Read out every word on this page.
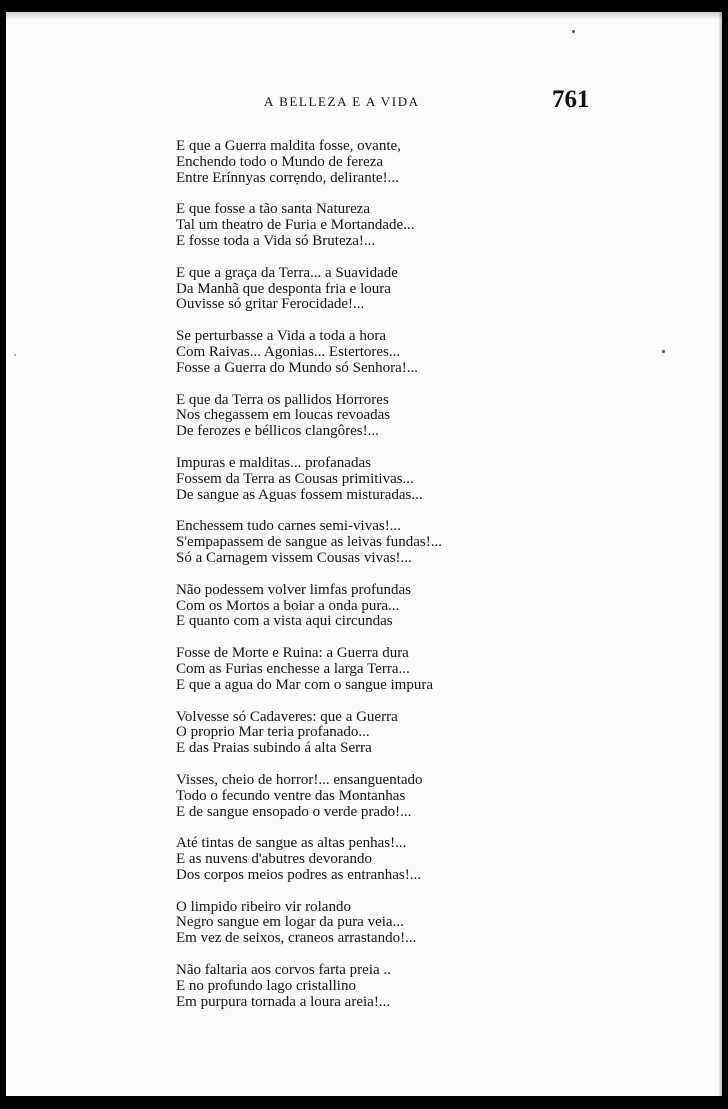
A BELLEZA E A VIDA	761
E que a Guerra maldita fosse, ovante,
Enchendo todo o Mundo de fereza
Entre Erínnyas corrẹndo, delirante!...
E que fosse a tão santa Natureza
Tal um theatro de Furia e Mortandade...
E fosse toda a Vida só Bruteza!...
E que a graça da Terra... a Suavidade
Da Manhã que desponta fria e loura
Ouvisse só gritar Ferocidade!...
Se perturbasse a Vida a toda a hora
Com Raivas... Agonias... Estertores...
Fosse a Guerra do Mundo só Senhora!...
E que da Terra os pallidos Horrores
Nos chegassem em loucas revoadas
De ferozes e béllicos clangôres!...
Impuras e malditas... profanadas
Fossem da Terra as Cousas primitivas...
De sangue as Aguas fossem misturadas...
Enchessem tudo carnes semi-vivas!...
S'empapassem de sangue as leivas fundas!...
Só a Carnagem vissem Cousas vivas!...
Não podessem volver limfas profundas
Com os Mortos a boiar a onda pura...
E quanto com a vista aqui circundas
Fosse de Morte e Ruina: a Guerra dura
Com as Furias enchesse a larga Terra...
E que a agua do Mar com o sangue impura
Volvesse só Cadaveres: que a Guerra
O proprio Mar teria profanado...
E das Praias subindo á alta Serra
Visses, cheio de horror!... ensanguentado
Todo o fecundo ventre das Montanhas
E de sangue ensopado o verde prado!...
Até tintas de sangue as altas penhas!...
E as nuvens d'abutres devorando
Dos corpos meios podres as entranhas!...
O limpido ribeiro vir rolando
Negro sangue em logar da pura veia...
Em vez de seixos, craneos arrastando!...
Não faltaria aos corvos farta preia ..
E no profundo lago cristallino
Em purpura tornada a loura areia!...
